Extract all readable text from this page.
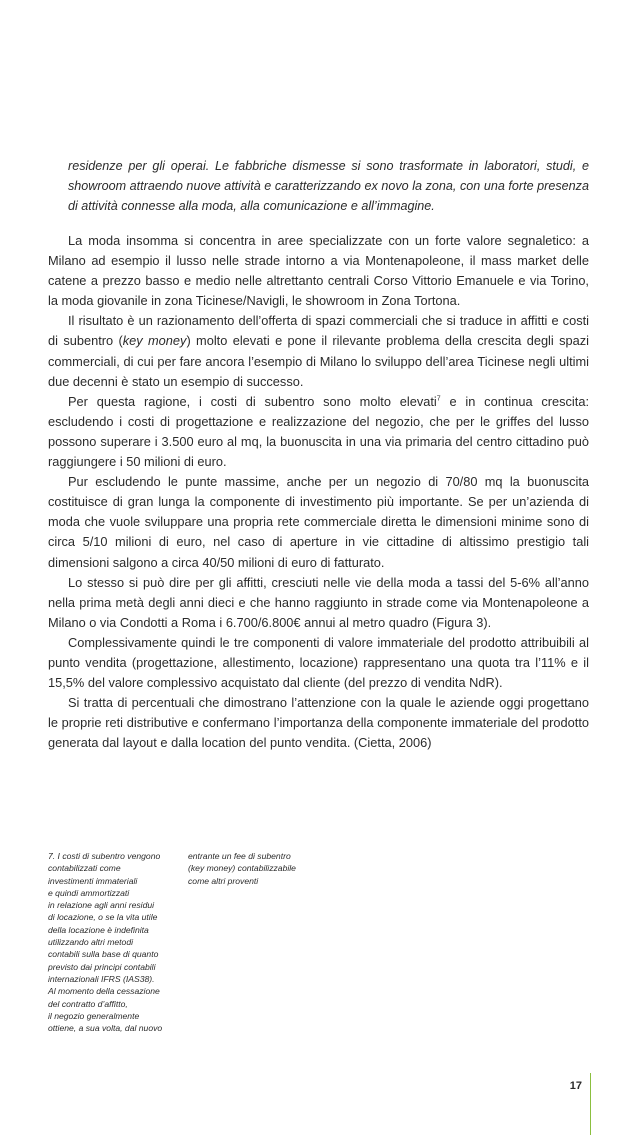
residenze per gli operai. Le fabbriche dismesse si sono trasformate in laboratori, studi, e showroom attraendo nuove attività e caratterizzando ex novo la zona, con una forte presenza di attività connesse alla moda, alla comunicazione e all’immagine.

La moda insomma si concentra in aree specializzate con un forte valore segnaletico: a Milano ad esempio il lusso nelle strade intorno a via Montenapoleone, il mass market delle catene a prezzo basso e medio nelle altrettanto centrali Corso Vittorio Emanuele e via Torino, la moda giovanile in zona Ticinese/Navigli, le showroom in Zona Tortona.

Il risultato è un razionamento dell’offerta di spazi commerciali che si traduce in affitti e costi di subentro (key money) molto elevati e pone il rilevante problema della crescita degli spazi commerciali, di cui per fare ancora l’esempio di Milano lo sviluppo dell’area Ticinese negli ultimi due decenni è stato un esempio di successo.

Per questa ragione, i costi di subentro sono molto elevati$^7$ e in continua crescita: escludendo i costi di progettazione e realizzazione del negozio, che per le griffes del lusso possono superare i 3.500 euro al mq, la buonuscita in una via primaria del centro cittadino può raggiungere i 50 milioni di euro.

Pur escludendo le punte massime, anche per un negozio di 70/80 mq la buonuscita costituisce di gran lunga la componente di investimento più importante. Se per un’azienda di moda che vuole sviluppare una propria rete commerciale diretta le dimensioni minime sono di circa 5/10 milioni di euro, nel caso di aperture in vie cittadine di altissimo prestigio tali dimensioni salgono a circa 40/50 milioni di euro di fatturato.

Lo stesso si può dire per gli affitti, cresciuti nelle vie della moda a tassi del 5-6% all’anno nella prima metà degli anni dieci e che hanno raggiunto in strade come via Montenapoleone a Milano o via Condotti a Roma i 6.700/6.800€ annui al metro quadro (Figura 3).

Complessivamente quindi le tre componenti di valore immateriale del prodotto attribuibili al punto vendita (progettazione, allestimento, locazione) rappresentano una quota tra l’11% e il 15,5% del valore complessivo acquistato dal cliente (del prezzo di vendita NdR).

Si tratta di percentuali che dimostrano l’attenzione con la quale le aziende oggi progettano le proprie reti distributive e confermano l’importanza della componente immateriale del prodotto generata dal layout e dalla location del punto vendita. (Cietta, 2006)

7. I costi di subentro vengono
contabilizzati come
investimenti immateriali
e quindi ammortizzati
in relazione agli anni residui
di locazione, o se la vita utile
della locazione è indefinita
utilizzando altri metodi
contabili sulla base di quanto
previsto dai principi contabili
internazionali IFRS (IAS38).
Al momento della cessazione
del contratto d’affitto,
il negozio generalmente
ottiene, a sua volta, dal nuovo
entrante un fee di subentro
(key money) contabilizzabile
come altri proventi
17
